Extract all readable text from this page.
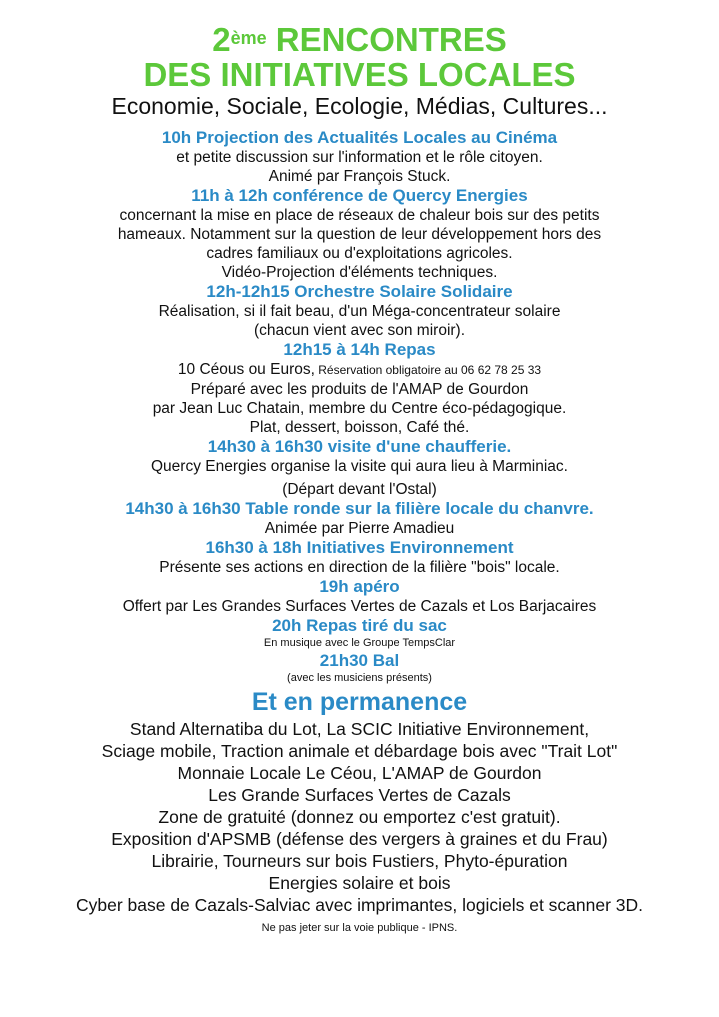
2ème RENCONTRES

DES INITIATIVES LOCALES

Economie, Sociale, Ecologie, Médias, Cultures...

10h Projection des Actualités Locales au Cinéma

et petite discussion sur l'information et le rôle citoyen.

Animé par François Stuck.

11h à 12h conférence de Quercy Energies

concernant la mise en place de réseaux de chaleur bois sur des petits

hameaux. Notamment sur la question de leur développement hors des

cadres familiaux ou d'exploitations agricoles.

Vidéo-Projection d'éléments techniques.

12h-12h15 Orchestre Solaire Solidaire

Réalisation, si il fait beau, d'un Méga-concentrateur solaire

(chacun vient avec son miroir).

12h15 à 14h Repas

10 Céous ou Euros, Réservation obligatoire au 06 62 78 25 33

Préparé avec les produits de l'AMAP de Gourdon

par Jean Luc Chatain, membre du Centre éco-pédagogique.

Plat, dessert, boisson, Café thé.

14h30 à 16h30 visite d'une chaufferie.

Quercy Energies organise la visite qui aura lieu à Marminiac.

(Départ devant l'Ostal)

14h30 à 16h30 Table ronde sur la filière locale du chanvre.

Animée par Pierre Amadieu

16h30 à 18h Initiatives Environnement

Présente ses actions en direction de la filière "bois" locale.

19h apéro

Offert par Les Grandes Surfaces Vertes de Cazals et Los Barjacaires

20h Repas tiré du sac

En musique avec le Groupe TempsClar

21h30 Bal

(avec les musiciens présents)

Et en permanence

Stand Alternatiba du Lot, La SCIC Initiative Environnement,

Sciage mobile, Traction animale et débardage bois avec "Trait Lot"

Monnaie Locale Le Céou, L'AMAP de Gourdon

Les Grande Surfaces Vertes de Cazals

Zone de gratuité (donnez ou emportez c'est gratuit).

Exposition d'APSMB (défense des vergers à graines et du Frau)

Librairie, Tourneurs sur bois Fustiers, Phyto-épuration

Energies solaire et bois

Cyber base de Cazals-Salviac avec imprimantes, logiciels et scanner 3D.

Ne pas jeter sur la voie publique - IPNS.
